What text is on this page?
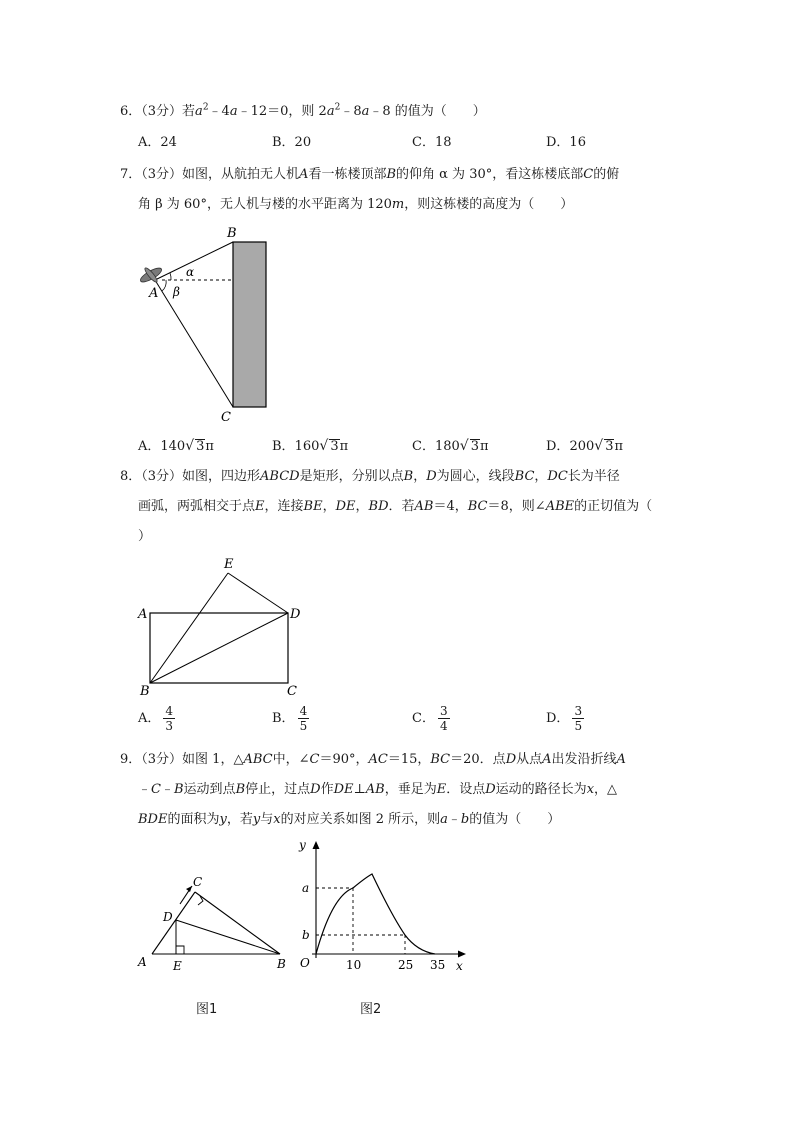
6．（3分）若$a^2﹣4a﹣12=0$，则 $2a^2﹣8a﹣8$ 的值为（　　）
A．24	B．20	C．18	D．16
7．（3分）如图，从航拍无人机A看一栋楼顶部B的仰角 α 为 30°，看这栋楼底部C的俯
角 β 为 60°，无人机与楼的水平距离为 120m，则这栋楼的高度为（　　）
B
C
A
α
β
A．140√ 3π	B．160√ 3π	C．180√ 3π	D．200√ 3π
8．（3分）如图，四边形ABCD是矩形，分别以点B，D为圆心，线段BC，DC长为半径
画弧，两弧相交于点E，连接BE，DE，BD．若AB＝4，BC＝8，则∠ABE的正切值为（
）
E
A	D
B	C
A． $\frac{4}{3}$	B． $\frac{4}{5}$	C． $\frac{3}{4}$	D． $\frac{3}{5}$
9．（3分）如图 1，△ABC中，∠C＝90°，AC＝15，BC＝20．点D从点A出发沿折线A
﹣C﹣B运动到点B停止，过点D作DE⊥AB，垂足为E．设点D运动的路径长为x，△
BDE的面积为y，若y与x的对应关系如图 2 所示，则a﹣b的值为（　　）
C
D
A E	B
图1
y
x
O
a
b
10	25 35
图2
